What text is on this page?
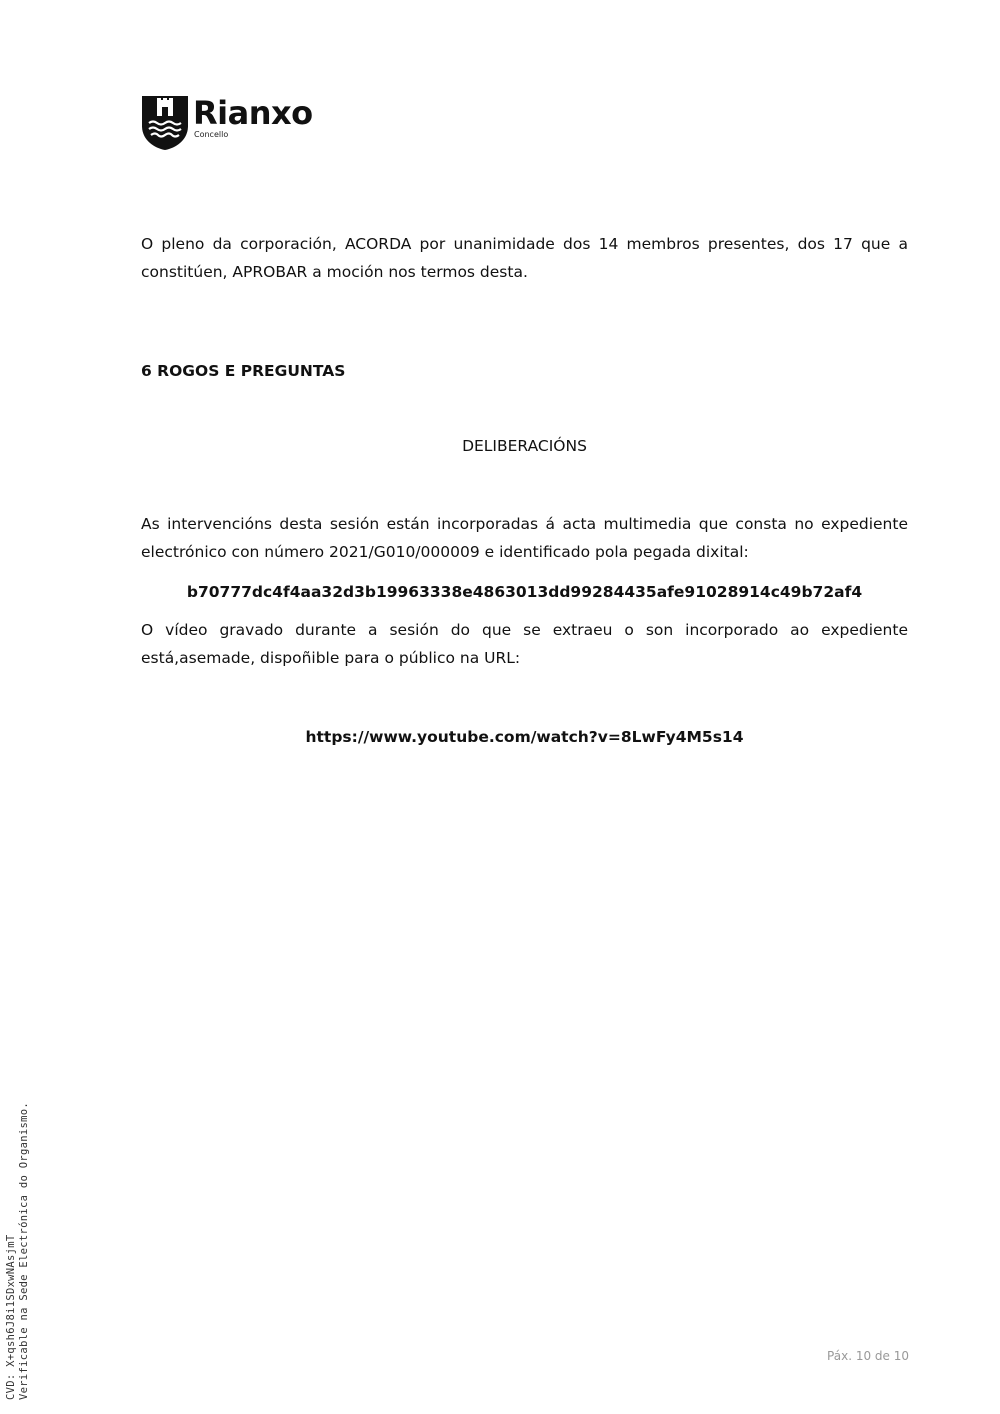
Rianxo
Concello

O pleno da corporación, ACORDA por unanimidade dos 14 membros presentes, dos 17 que a constitúen, APROBAR a moción nos termos desta.

6 ROGOS E PREGUNTAS

DELIBERACIÓNS

As intervencións desta sesión están incorporadas á acta multimedia que consta no expediente electrónico con número 2021/G010/000009 e identificado pola pegada dixital:

b70777dc4f4aa32d3b19963338e4863013dd99284435afe91028914c49b72af4

O vídeo gravado durante a sesión do que se extraeu o son incorporado ao expediente está,asemade, dispoñible para o público na URL:

https://www.youtube.com/watch?v=8LwFy4M5s14

CVD: X+qsh6J8i1SDxwNAsjmT Verificable na Sede Electrónica do Organismo.	Páx. 10 de 10
